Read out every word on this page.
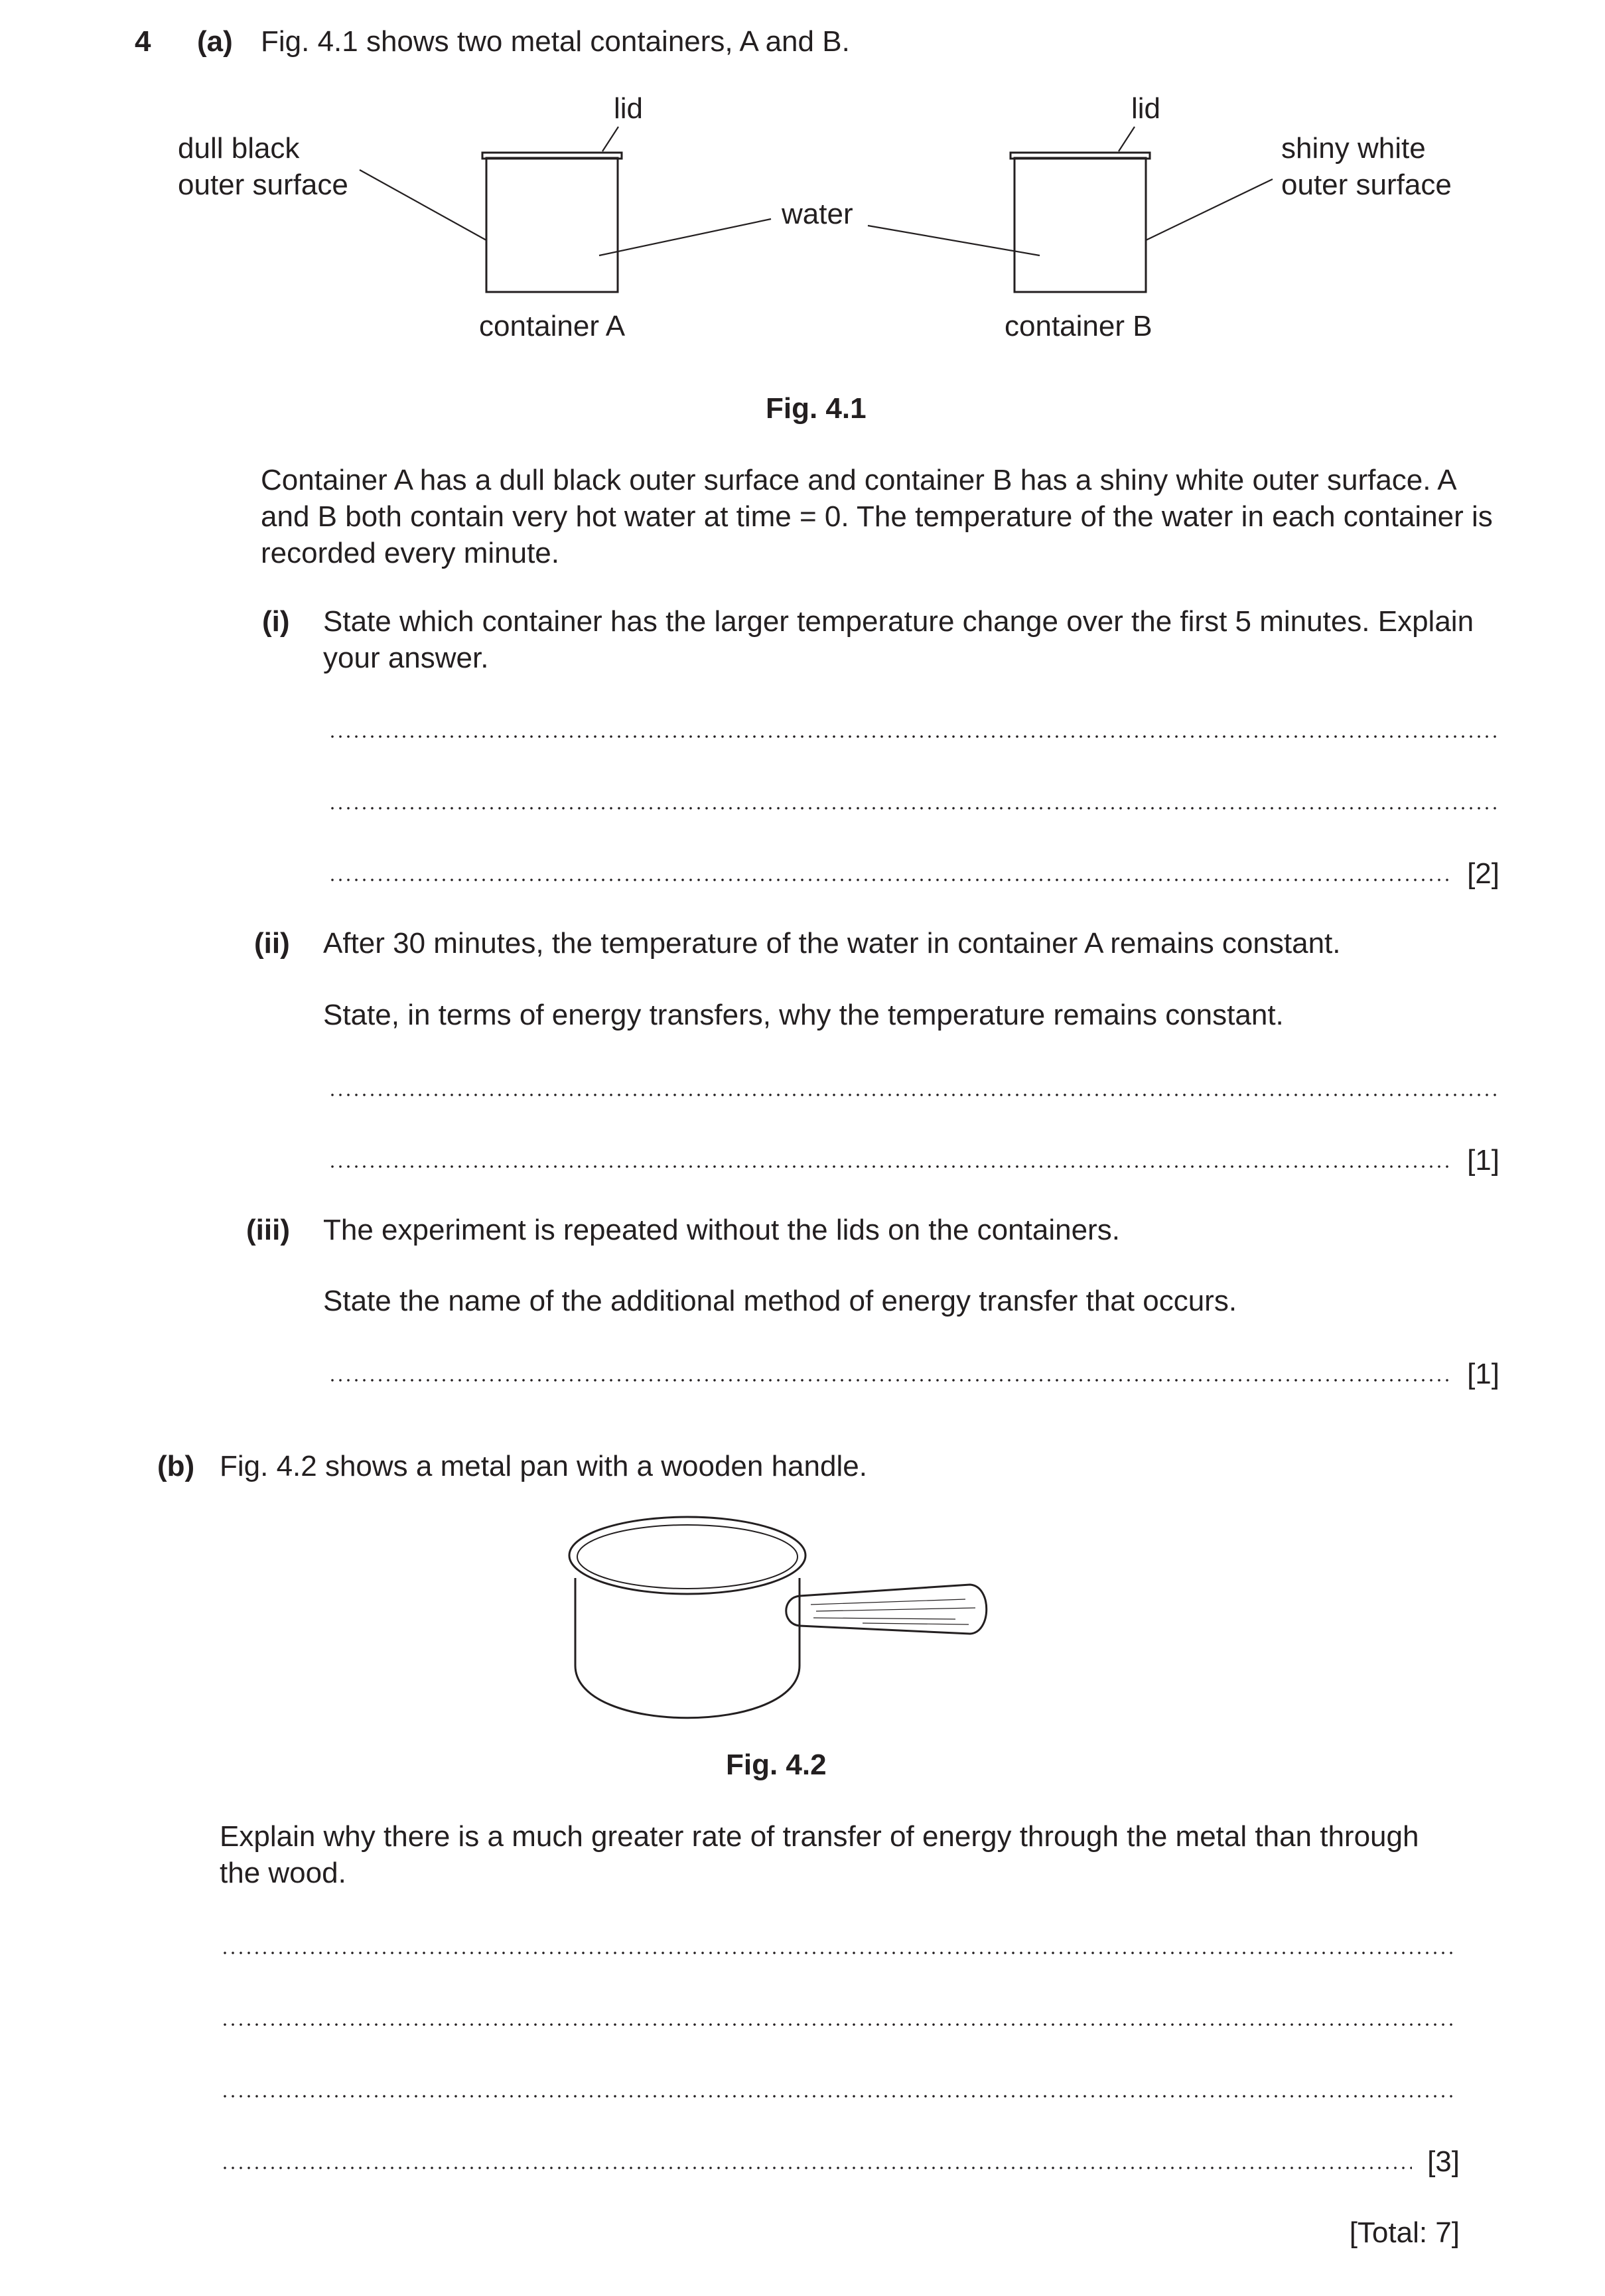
4 (a) Fig. 4.1 shows two metal containers, A and B.
lid	lid
dull black
outer surface
shiny white
outer surface
water
container A	container B
Fig. 4.1
Container A has a dull black outer surface and container B has a shiny white outer surface. A and B both contain very hot water at time = 0. The temperature of the water in each container is recorded every minute.
(i) State which container has the larger temperature change over the first 5 minutes. Explain your answer.
[2]
(ii) After 30 minutes, the temperature of the water in container A remains constant.
State, in terms of energy transfers, why the temperature remains constant.
[1]
(iii) The experiment is repeated without the lids on the containers.
State the name of the additional method of energy transfer that occurs.
[1]
(b) Fig. 4.2 shows a metal pan with a wooden handle.
Fig. 4.2
Explain why there is a much greater rate of transfer of energy through the metal than through the wood.
[3]
[Total: 7]
